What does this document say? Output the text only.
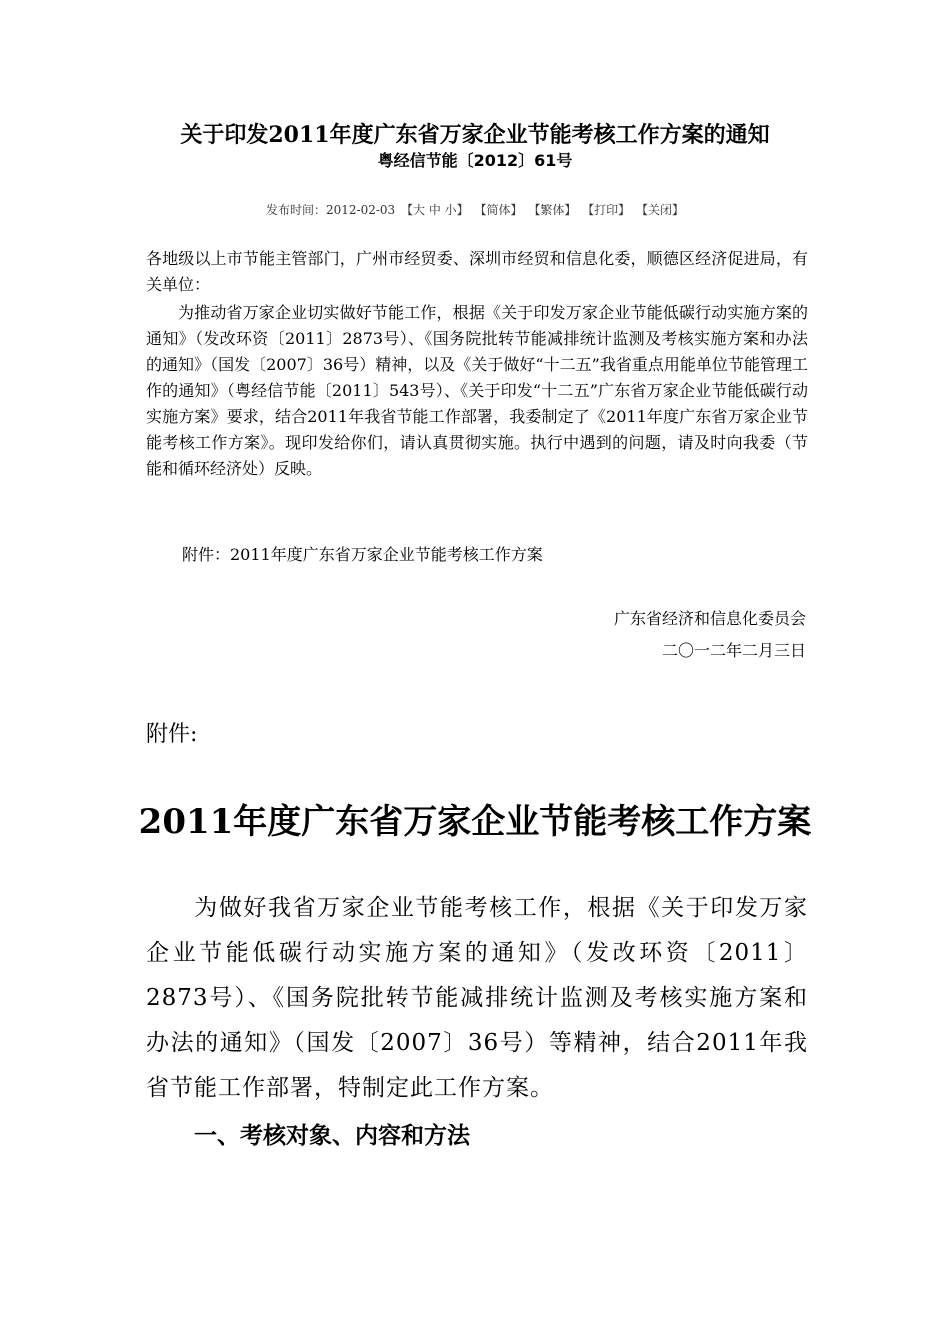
关于印发2011年度广东省万家企业节能考核工作方案的通知
粤经信节能〔2012〕61号
发布时间：2012-02-03 【大 中 小】 【简体】 【繁体】 【打印】 【关闭】
各地级以上市节能主管部门，广州市经贸委、深圳市经贸和信息化委，顺德区经济促进局，有关单位：
为推动省万家企业切实做好节能工作，根据《关于印发万家企业节能低碳行动实施方案的通知》（发改环资〔2011〕2873号）、《国务院批转节能减排统计监测及考核实施方案和办法的通知》（国发〔2007〕36号）精神，以及《关于做好“十二五”我省重点用能单位节能管理工作的通知》（粤经信节能〔2011〕543号）、《关于印发“十二五”广东省万家企业节能低碳行动实施方案》要求，结合2011年我省节能工作部署，我委制定了《2011年度广东省万家企业节能考核工作方案》。现印发给你们，请认真贯彻实施。执行中遇到的问题，请及时向我委（节能和循环经济处）反映。
附件：2011年度广东省万家企业节能考核工作方案
广东省经济和信息化委员会
二〇一二年二月三日
附件:
2011年度广东省万家企业节能考核工作方案
为做好我省万家企业节能考核工作，根据《关于印发万家企业节能低碳行动实施方案的通知》（发改环资〔2011〕2873号）、《国务院批转节能减排统计监测及考核实施方案和办法的通知》（国发〔2007〕36号）等精神，结合2011年我省节能工作部署，特制定此工作方案。
一、考核对象、内容和方法
